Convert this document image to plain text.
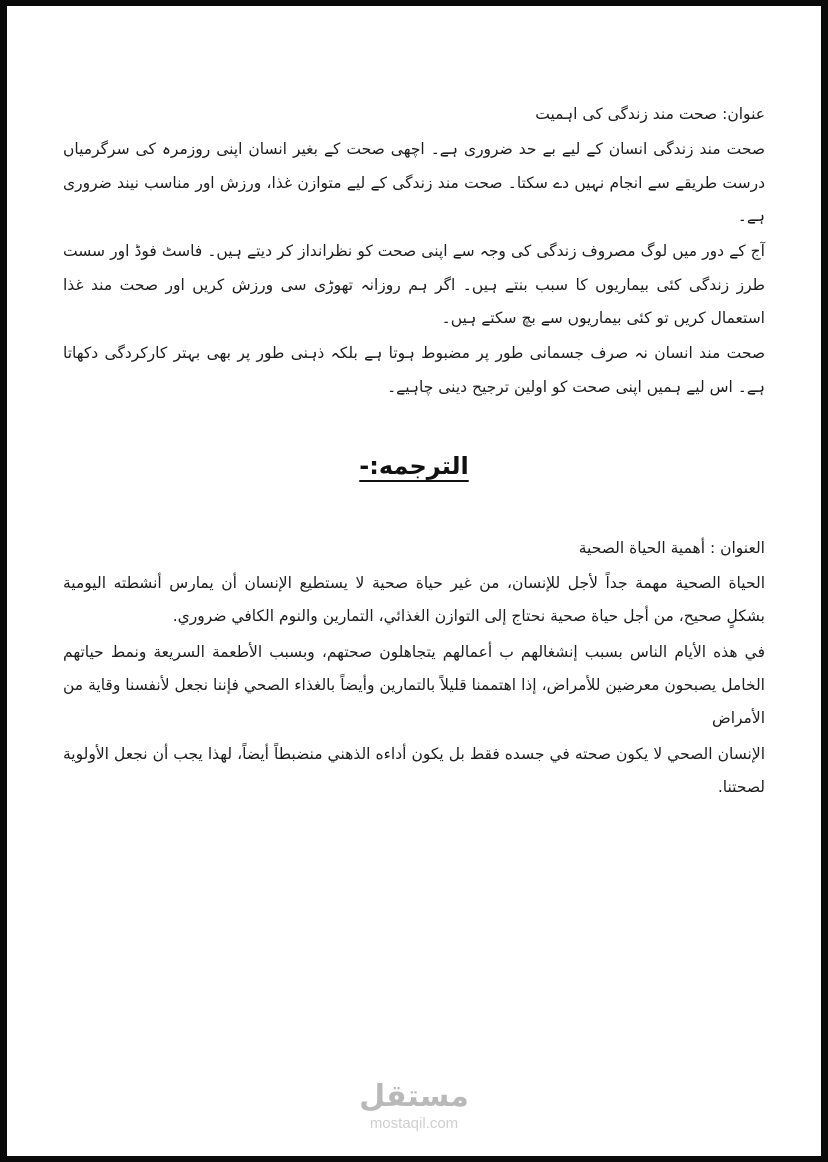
عنوان: صحت مند زندگی کی اہمیت

صحت مند زندگی انسان کے لیے بے حد ضروری ہے۔ اچھی صحت کے بغیر انسان اپنی روزمرہ کی سرگرمیاں درست طریقے سے انجام نہیں دے سکتا۔ صحت مند زندگی کے لیے متوازن غذا، ورزش اور مناسب نیند ضروری ہے۔

آج کے دور میں لوگ مصروف زندگی کی وجہ سے اپنی صحت کو نظرانداز کر دیتے ہیں۔ فاسٹ فوڈ اور سست طرز زندگی کئی بیماریوں کا سبب بنتے ہیں۔ اگر ہم روزانہ تھوڑی سی ورزش کریں اور صحت مند غذا استعمال کریں تو کئی بیماریوں سے بچ سکتے ہیں۔

صحت مند انسان نہ صرف جسمانی طور پر مضبوط ہوتا ہے بلکہ ذہنی طور پر بھی بہتر کارکردگی دکھاتا ہے۔ اس لیے ہمیں اپنی صحت کو اولین ترجیح دینی چاہیے۔

الترجمه:-

العنوان : أهمية الحياة الصحية

الحياة الصحية مهمة جداً لأجل للإنسان، من غير حياة صحية لا يستطيع الإنسان أن يمارس أنشطته اليومية بشكلٍ صحيح، من أجل حياة صحية نحتاج إلى التوازن الغذائي، التمارين والنوم الكافي ضروري.

في هذه الأيام الناس بسبب إنشغالهم ب أعمالهم يتجاهلون صحتهم، وبسبب الأطعمة السريعة ونمط حياتهم الخامل يصبحون معرضين للأمراض، إذا اهتممنا قليلاً بالتمارين وأيضاً بالغذاء الصحي فإننا نجعل لأنفسنا وقاية من الأمراض

الإنسان الصحي لا يكون صحته في جسده فقط بل يكون أداءه الذهني منضبطاً أيضاً، لهذا يجب أن نجعل الأولوية لصحتنا.

مستقل
mostaqil.com
